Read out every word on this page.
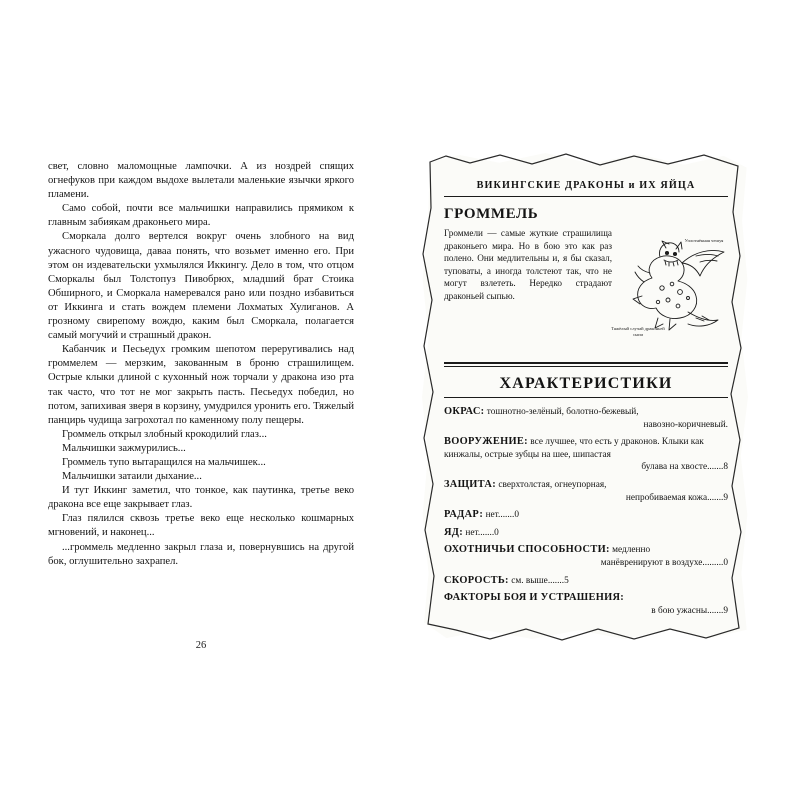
свет, словно маломощные лампочки. А из ноздрей спящих огнефуков при каждом выдохе вылетали маленькие язычки яркого пламени.

Само собой, почти все мальчишки направились прямиком к главным забиякам драконьего мира.

Сморкала долго вертелся вокруг очень злобного на вид ужасного чудовища, даваа понять, что возьмет именно его. При этом он издевательски ухмылялся Иккингу. Дело в том, что отцом Сморкалы был Толстопуз Пивобрюх, младший брат Стоика Обширного, и Сморкала намеревался рано или поздно избавиться от Иккинга и стать вождем племени Лохматых Хулиганов. А грозному свирепому вождю, каким был Сморкала, полагается самый могучий и страшный дракон.

Кабанчик и Песьедух громким шепотом переругивались над громмелем — мерзким, закованным в броню страшилищем. Острые клыки длиной с кухонный нож торчали у дракона изо рта так часто, что тот не мог закрыть пасть. Песьедух победил, но потом, запихивая зверя в корзину, умудрился уронить его. Тяжелый панцирь чудища загрохотал по каменному полу пещеры.

Громмель открыл злобный крокодилий глаз...

Мальчишки зажмурились...

Громмель тупо вытаращился на мальчишек...

Мальчишки затаили дыхание...

И тут Иккинг заметил, что тонкое, как паутинка, третье веко дракона все еще закрывает глаз.

Глаз пялился сквозь третье веко еще несколько кошмарных мгновений, и наконец...

...громмель медленно закрыл глаза и, повернувшись на другой бок, оглушительно захрапел.

26
ВИКИНГСКИЕ ДРАКОНЫ и ИХ ЯЙЦА
ГРОММЕЛЬ
Громмели — самые жуткие страшилища драконьего мира. Но в бою это как раз полено. Они медлительны и, я бы сказал, туповаты, а иногда толстеют так, что не могут взлететь. Нередко страдают драконьей сыпью.
Уплотнённая чешуя
Тяжёлый случай драконьей сыпи
ХАРАКТЕРИСТИКИ
ОКРАС: тошнотно-зелёный, болотно-бежевый,
навозно-коричневый.
ВООРУЖЕНИЕ: все лучшее, что есть у драконов. Клыки как кинжалы, острые зубцы на шее, шипастая
булава на хвосте.......8
ЗАЩИТА: сверхтолстая, огнеупорная,
непробиваемая кожа.......9
РАДАР: нет.......0
ЯД: нет.......0
ОХОТНИЧЬИ СПОСОБНОСТИ: медленно
манёвренируют в воздухе.........0
СКОРОСТЬ: см. выше.......5
ФАКТОРЫ БОЯ И УСТРАШЕНИЯ:
в бою ужасны.......9
